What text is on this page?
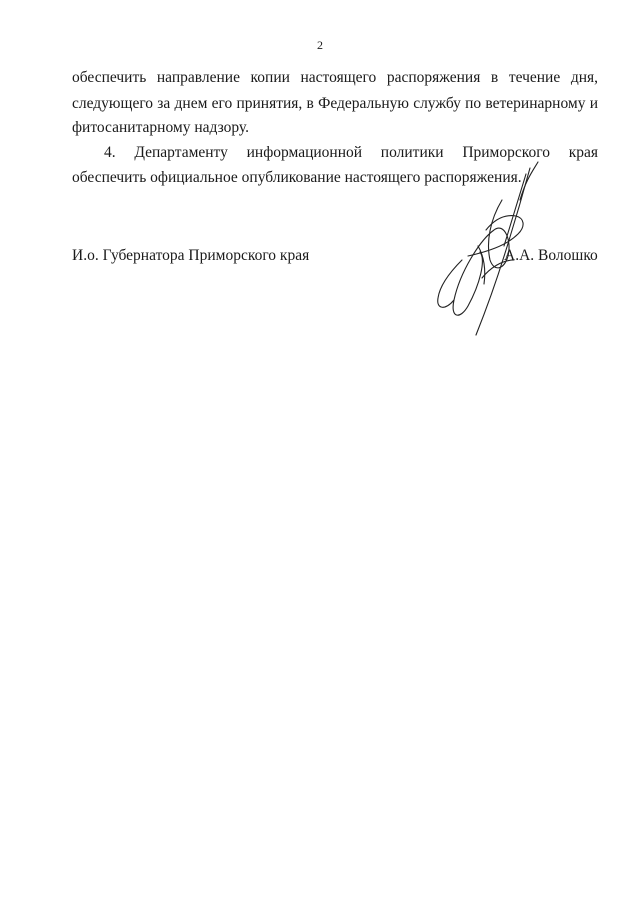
2
обеспечить направление копии настоящего распоряжения в течение дня,
следующего за днем его принятия, в Федеральную службу по ветеринарному и
фитосанитарному надзору.
4. Департаменту информационной политики Приморского края
обеспечить официальное опубликование настоящего распоряжения.
И.о. Губернатора Приморского края	А.А. Волошко
